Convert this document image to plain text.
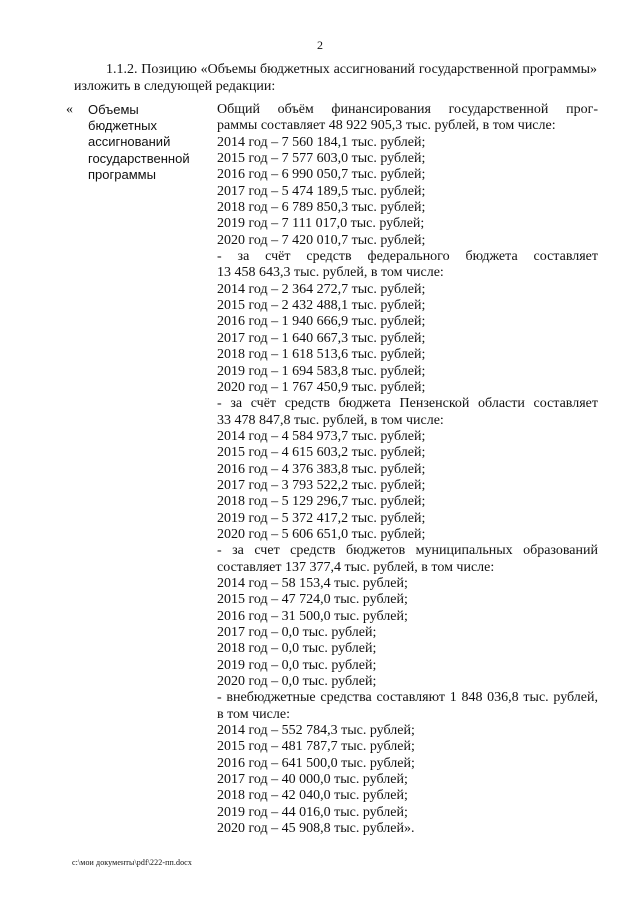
2
1.1.2. Позицию «Объемы бюджетных ассигнований государственной программы» изложить в следующей редакции:
« Объемы
бюджетных
ассигнований
государственной
программы
Общий объём финансирования государственной прог-
раммы составляет 48 922 905,3 тыс. рублей, в том числе:
2014 год – 7 560 184,1 тыс. рублей;
2015 год – 7 577 603,0 тыс. рублей;
2016 год – 6 990 050,7 тыс. рублей;
2017 год – 5 474 189,5 тыс. рублей;
2018 год – 6 789 850,3 тыс. рублей;
2019 год – 7 111 017,0 тыс. рублей;
2020 год – 7 420 010,7 тыс. рублей;
- за счёт средств федерального бюджета составляет
13 458 643,3 тыс. рублей, в том числе:
2014 год – 2 364 272,7 тыс. рублей;
2015 год – 2 432 488,1 тыс. рублей;
2016 год – 1 940 666,9 тыс. рублей;
2017 год – 1 640 667,3 тыс. рублей;
2018 год – 1 618 513,6 тыс. рублей;
2019 год – 1 694 583,8 тыс. рублей;
2020 год – 1 767 450,9 тыс. рублей;
- за счёт средств бюджета Пензенской области составляет
33 478 847,8 тыс. рублей, в том числе:
2014 год – 4 584 973,7 тыс. рублей;
2015 год – 4 615 603,2 тыс. рублей;
2016 год – 4 376 383,8 тыс. рублей;
2017 год – 3 793 522,2 тыс. рублей;
2018 год – 5 129 296,7 тыс. рублей;
2019 год – 5 372 417,2 тыс. рублей;
2020 год – 5 606 651,0 тыс. рублей;
- за счет средств бюджетов муниципальных образований
составляет 137 377,4 тыс. рублей, в том числе:
2014 год – 58 153,4 тыс. рублей;
2015 год – 47 724,0 тыс. рублей;
2016 год – 31 500,0 тыс. рублей;
2017 год – 0,0 тыс. рублей;
2018 год – 0,0 тыс. рублей;
2019 год – 0,0 тыс. рублей;
2020 год – 0,0 тыс. рублей;
- внебюджетные средства составляют 1 848 036,8 тыс. рублей,
в том числе:
2014 год – 552 784,3 тыс. рублей;
2015 год – 481 787,7 тыс. рублей;
2016 год – 641 500,0 тыс. рублей;
2017 год – 40 000,0 тыс. рублей;
2018 год – 42 040,0 тыс. рублей;
2019 год – 44 016,0 тыс. рублей;
2020 год – 45 908,8 тыс. рублей».
c:\мои документы\pdf\222-пп.docx
